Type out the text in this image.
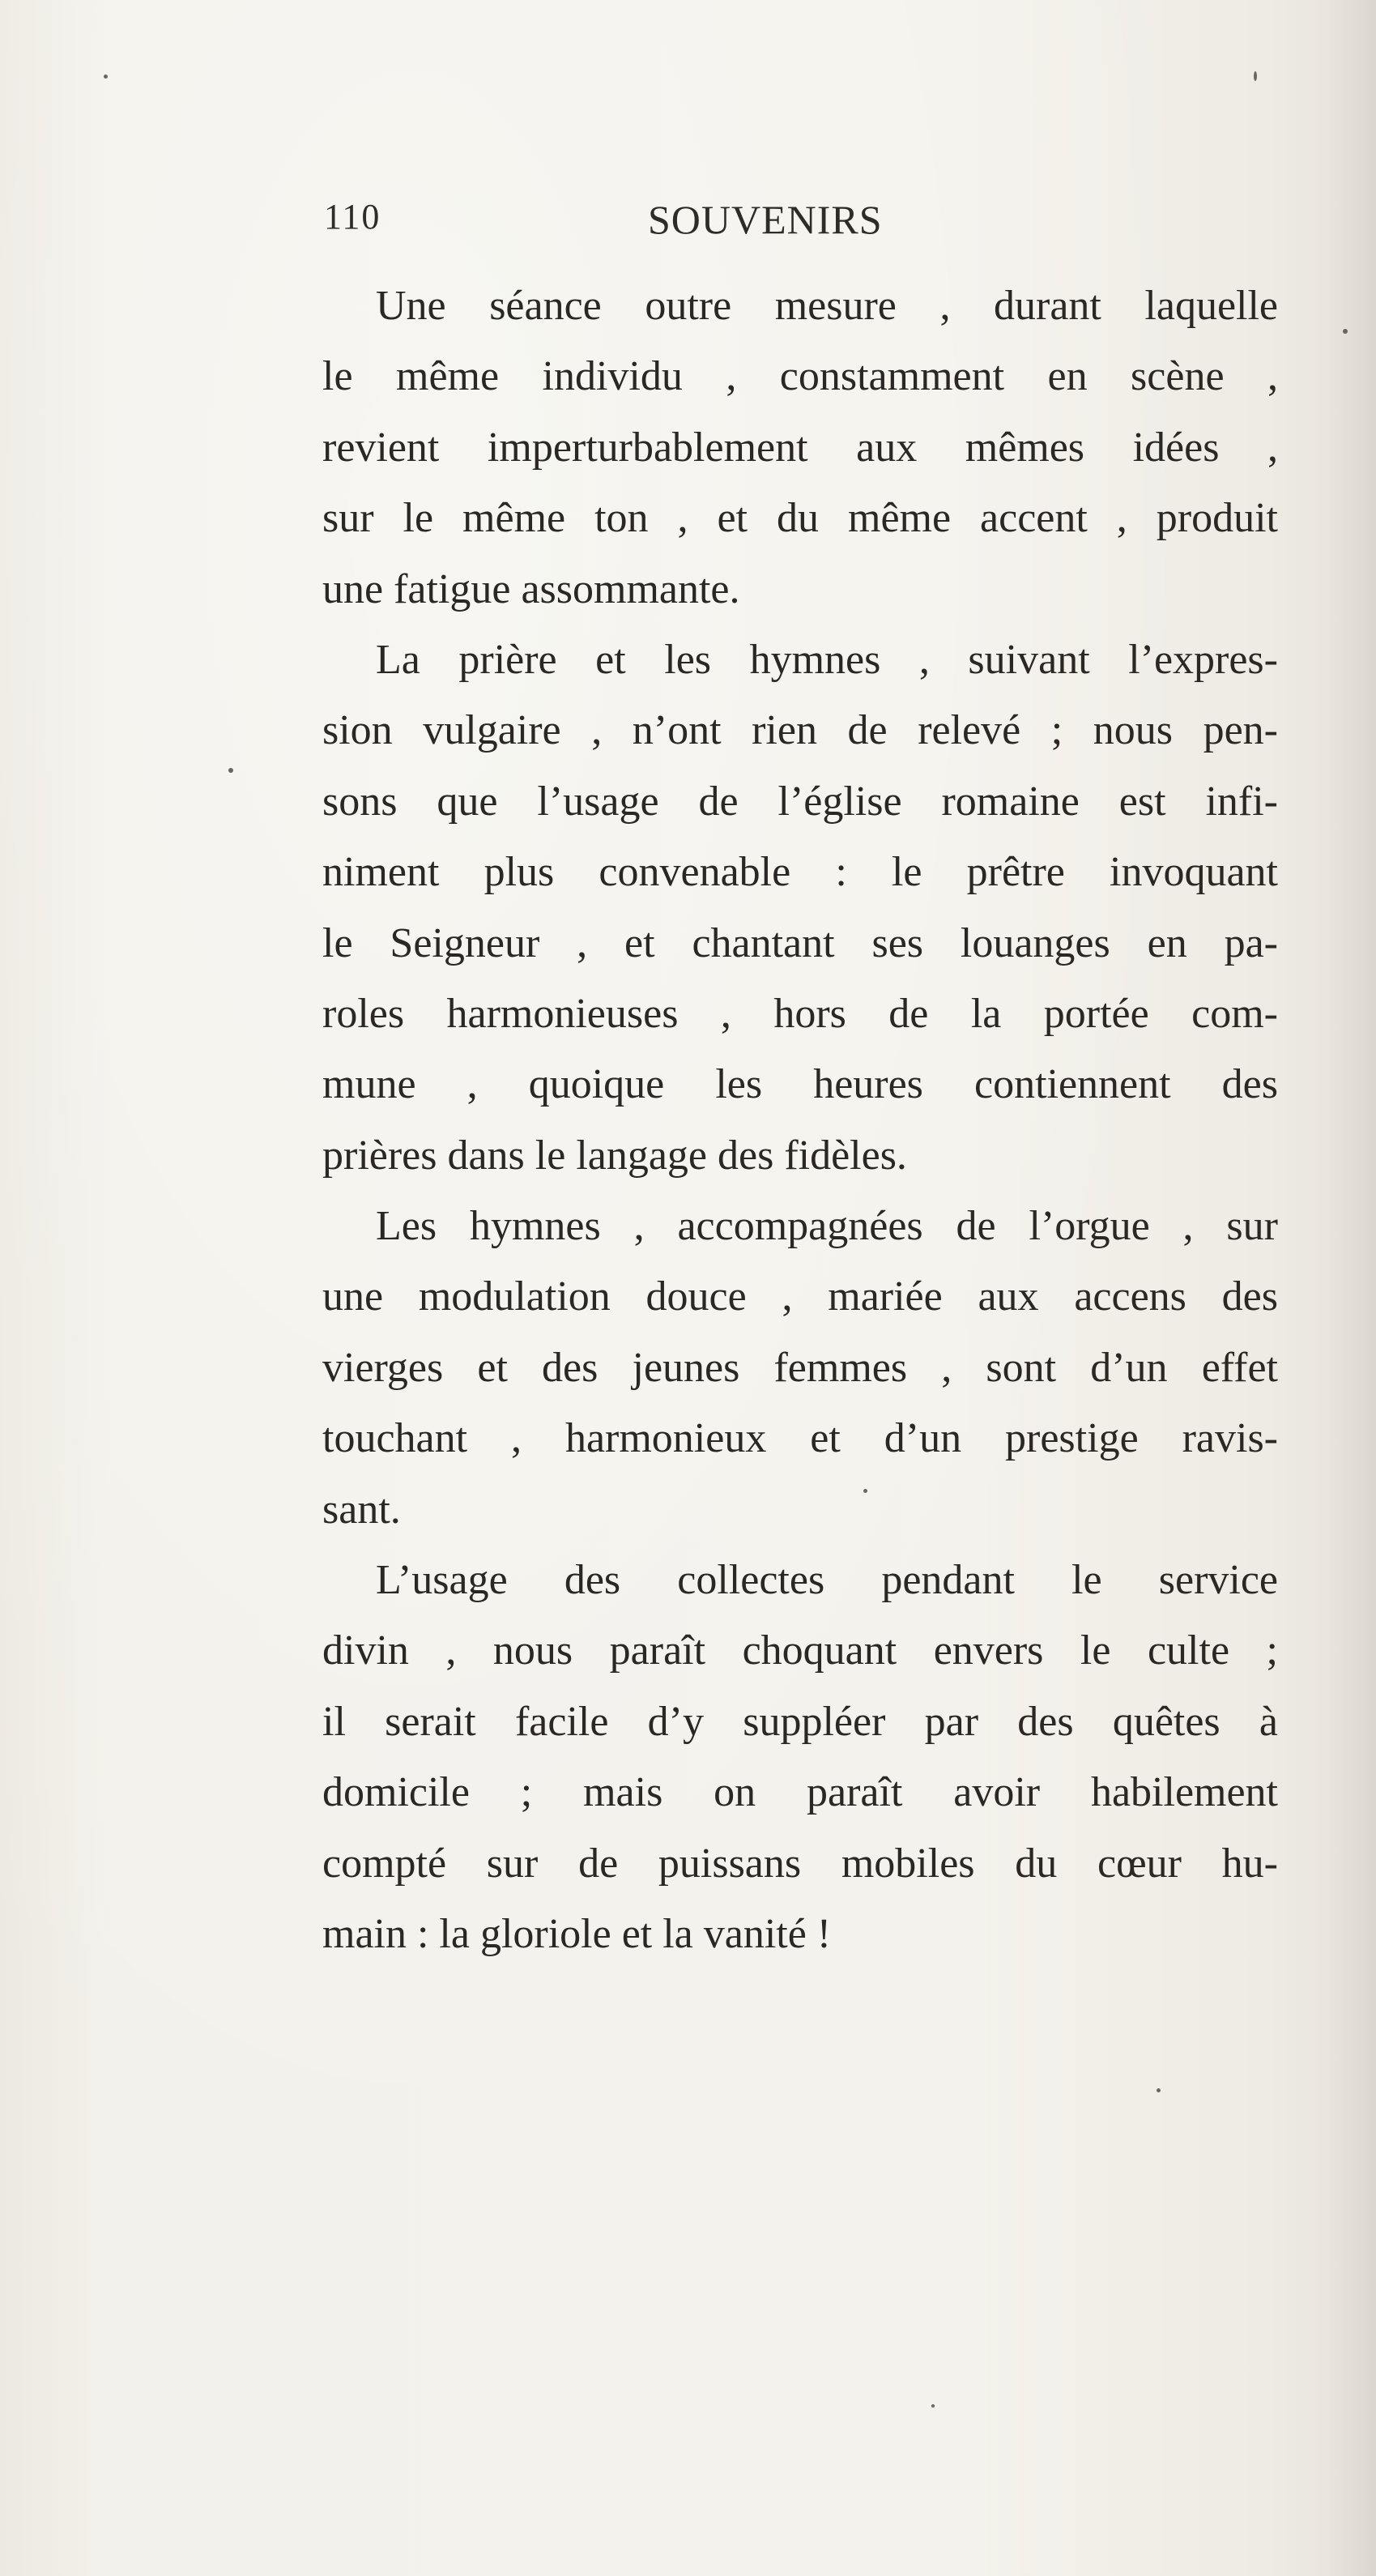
110	SOUVENIRS

Une séance outre mesure , durant laquelle
le même individu , constamment en scène ,
revient imperturbablement aux mêmes idées ,
sur le même ton , et du même accent , produit
une fatigue assommante.

La prière et les hymnes , suivant l’expres-
sion vulgaire , n’ont rien de relevé ; nous pen-
sons que l’usage de l’église romaine est infi-
niment plus convenable : le prêtre invoquant
le Seigneur , et chantant ses louanges en pa-
roles harmonieuses , hors de la portée com-
mune , quoique les heures contiennent des
prières dans le langage des fidèles.

Les hymnes , accompagnées de l’orgue , sur
une modulation douce , mariée aux accens des
vierges et des jeunes femmes , sont d’un effet
touchant , harmonieux et d’un prestige ravis-
sant.

L’usage des collectes pendant le service
divin , nous paraît choquant envers le culte ;
il serait facile d’y suppléer par des quêtes à
domicile ; mais on paraît avoir habilement
compté sur de puissans mobiles du cœur hu-
main : la gloriole et la vanité !
